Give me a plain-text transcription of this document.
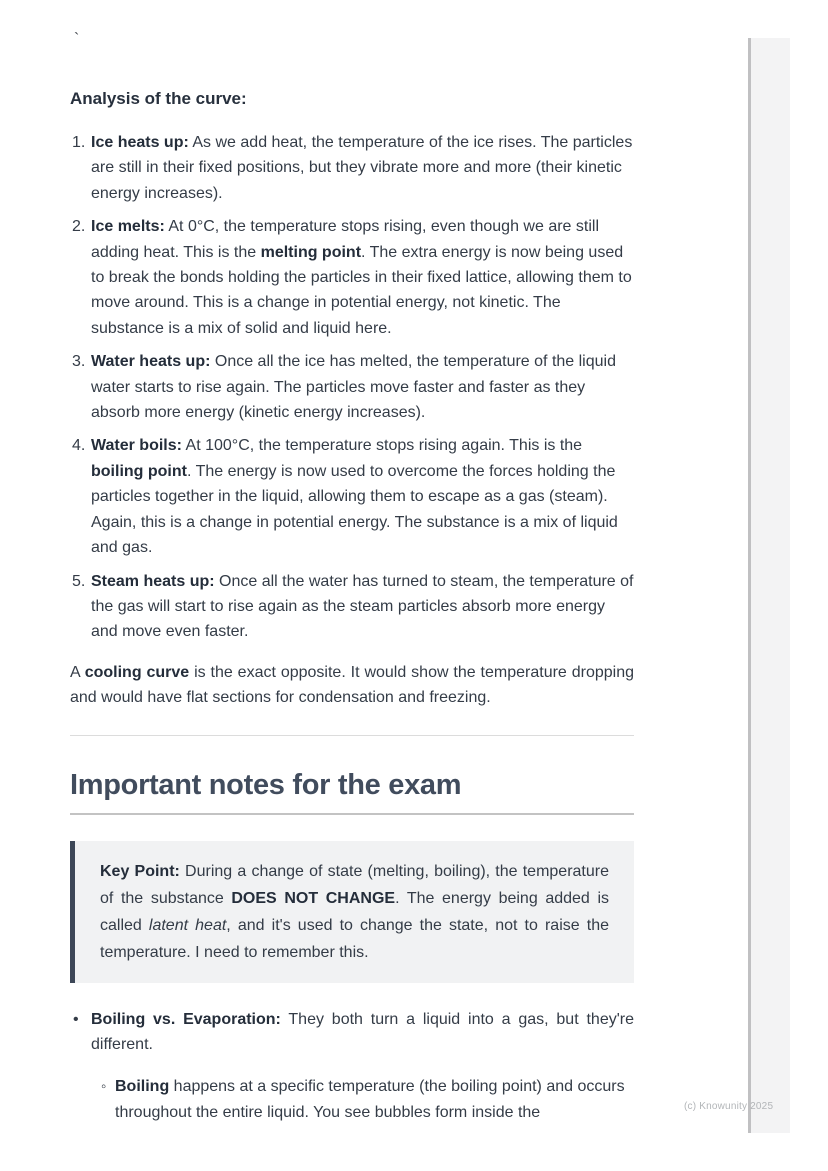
`
Analysis of the curve:
1. Ice heats up: As we add heat, the temperature of the ice rises. The particles are still in their fixed positions, but they vibrate more and more (their kinetic energy increases).
2. Ice melts: At 0°C, the temperature stops rising, even though we are still adding heat. This is the melting point. The extra energy is now being used to break the bonds holding the particles in their fixed lattice, allowing them to move around. This is a change in potential energy, not kinetic. The substance is a mix of solid and liquid here.
3. Water heats up: Once all the ice has melted, the temperature of the liquid water starts to rise again. The particles move faster and faster as they absorb more energy (kinetic energy increases).
4. Water boils: At 100°C, the temperature stops rising again. This is the boiling point. The energy is now used to overcome the forces holding the particles together in the liquid, allowing them to escape as a gas (steam). Again, this is a change in potential energy. The substance is a mix of liquid and gas.
5. Steam heats up: Once all the water has turned to steam, the temperature of the gas will start to rise again as the steam particles absorb more energy and move even faster.

A cooling curve is the exact opposite. It would show the temperature dropping and would have flat sections for condensation and freezing.

Important notes for the exam

Key Point: During a change of state (melting, boiling), the temperature of the substance DOES NOT CHANGE. The energy being added is called latent heat, and it's used to change the state, not to raise the temperature. I need to remember this.

• Boiling vs. Evaporation: They both turn a liquid into a gas, but they're different.

◦ Boiling happens at a specific temperature (the boiling point) and occurs throughout the entire liquid. You see bubbles form inside the	(c) Knowunity 2025
